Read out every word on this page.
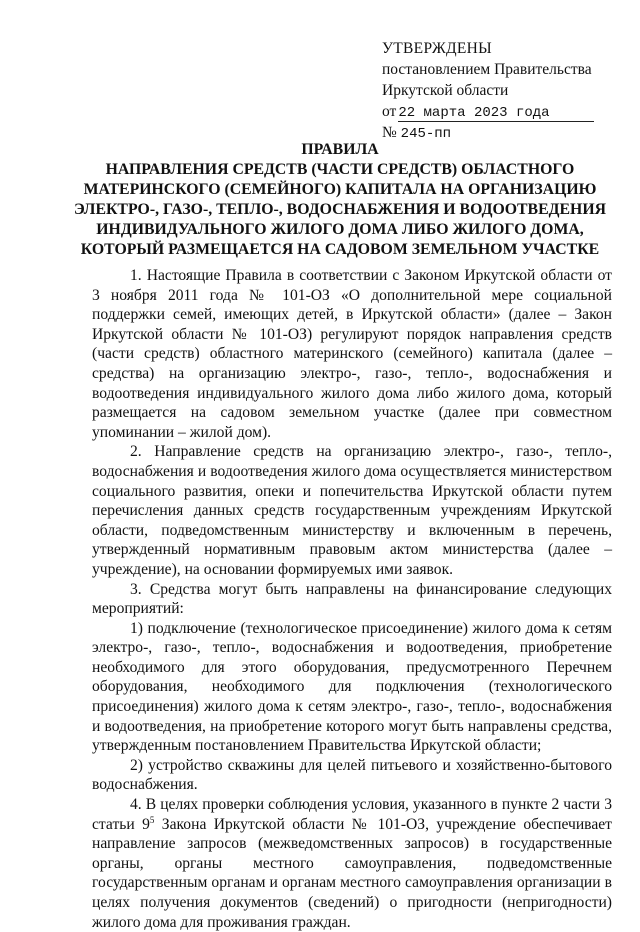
УТВЕРЖДЕНЫ
постановлением Правительства
Иркутской области
от 22 марта 2023 года
№ 245-пп
ПРАВИЛА
НАПРАВЛЕНИЯ СРЕДСТВ (ЧАСТИ СРЕДСТВ) ОБЛАСТНОГО
МАТЕРИНСКОГО (СЕМЕЙНОГО) КАПИТАЛА НА ОРГАНИЗАЦИЮ
ЭЛЕКТРО-, ГАЗО-, ТЕПЛО-, ВОДОСНАБЖЕНИЯ И ВОДООТВЕДЕНИЯ
ИНДИВИДУАЛЬНОГО ЖИЛОГО ДОМА ЛИБО ЖИЛОГО ДОМА,
КОТОРЫЙ РАЗМЕЩАЕТСЯ НА САДОВОМ ЗЕМЕЛЬНОМ УЧАСТКЕ

1. Настоящие Правила в соответствии с Законом Иркутской области от 3 ноября 2011 года № 101-ОЗ «О дополнительной мере социальной поддержки семей, имеющих детей, в Иркутской области» (далее – Закон Иркутской области № 101-ОЗ) регулируют порядок направления средств (части средств) областного материнского (семейного) капитала (далее – средства) на организацию электро-, газо-, тепло-, водоснабжения и водоотведения индивидуального жилого дома либо жилого дома, который размещается на садовом земельном участке (далее при совместном упоминании – жилой дом).

2. Направление средств на организацию электро-, газо-, тепло-, водоснабжения и водоотведения жилого дома осуществляется министерством социального развития, опеки и попечительства Иркутской области путем перечисления данных средств государственным учреждениям Иркутской области, подведомственным министерству и включенным в перечень, утвержденный нормативным правовым актом министерства (далее – учреждение), на основании формируемых ими заявок.

3. Средства могут быть направлены на финансирование следующих мероприятий:

1) подключение (технологическое присоединение) жилого дома к сетям электро-, газо-, тепло-, водоснабжения и водоотведения, приобретение необходимого для этого оборудования, предусмотренного Перечнем оборудования, необходимого для подключения (технологического присоединения) жилого дома к сетям электро-, газо-, тепло-, водоснабжения и водоотведения, на приобретение которого могут быть направлены средства, утвержденным постановлением Правительства Иркутской области;

2) устройство скважины для целей питьевого и хозяйственно-бытового водоснабжения.

4. В целях проверки соблюдения условия, указанного в пункте 2 части 3 статьи $9^5$ Закона Иркутской области № 101-ОЗ, учреждение обеспечивает направление запросов (межведомственных запросов) в государственные органы, органы местного самоуправления, подведомственные государственным органам и органам местного самоуправления организации в целях получения документов (сведений) о пригодности (непригодности) жилого дома для проживания граждан.
